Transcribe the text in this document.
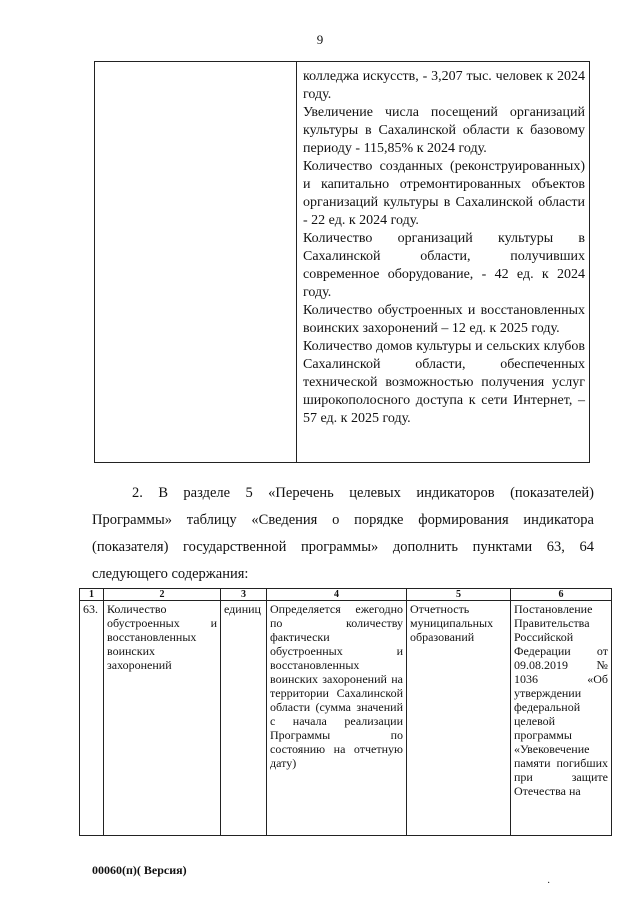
9

колледжа искусств, - 3,207 тыс. человек к 2024 году.

Увеличение числа посещений организаций культуры в Сахалинской области к базовому периоду - 115,85% к 2024 году.

Количество созданных (реконструированных) и капитально отремонтированных объектов организаций культуры в Сахалинской области - 22 ед. к 2024 году.

Количество организаций культуры в Сахалинской области, получивших современное оборудование, - 42 ед. к 2024 году.

Количество обустроенных и восстановленных воинских захоронений – 12 ед. к 2025 году.

Количество домов культуры и сельских клубов Сахалинской области, обеспеченных технической возможностью получения услуг широкополосного доступа к сети Интернет, – 57 ед. к 2025 году.

2. В разделе 5 «Перечень целевых индикаторов (показателей) Программы» таблицу «Сведения о порядке формирования индикатора (показателя) государственной программы» дополнить пунктами 63, 64 следующего содержания:

1	2	3	4	5	6
63.	Количество обустроенных и восстановленных воинских захоронений	единиц	Определяется ежегодно по количеству фактически обустроенных и восстановленных воинских захоронений на территории Сахалинской области (сумма значений с начала реализации Программы по состоянию на отчетную дату)	Отчетность муниципальных образований	Постановление Правительства Российской Федерации от 09.08.2019 № 1036 «Об утверждении федеральной целевой программы «Увековечение памяти погибших при защите Отечества на
00060(п)( Версия)
·
